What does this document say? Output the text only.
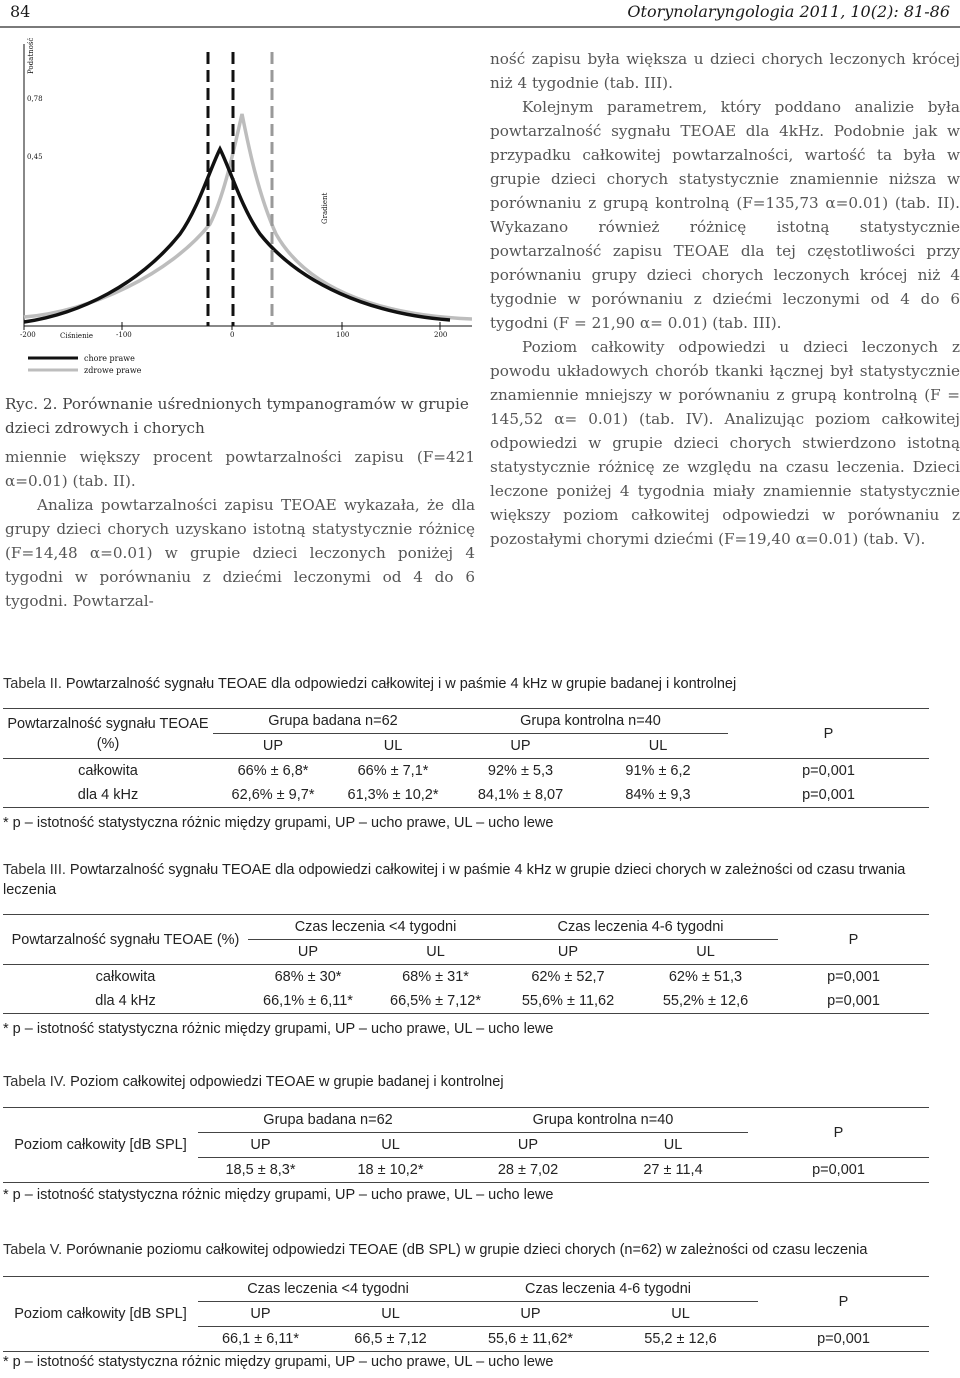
84	Otorynolaryngologia 2011, 10(2): 81-86
Podatność
0,78
0,45
Gradient
-200	-100	0	100	200
Ciśnienie
chore prawe
zdrowe prawe
Ryc. 2. Porównanie uśrednionych tympanogramów w grupie dzieci zdrowych i chorych

miennie większy procent powtarzalności zapisu (F=421 α=0.01) (tab. II).

Analiza powtarzalności zapisu TEOAE wykazała, że dla grupy dzieci chorych uzyskano istotną statystycznie różnicę (F=14,48 α=0.01) w grupie dzieci leczonych poniżej 4 tygodni w porównaniu z dziećmi leczonymi od 4 do 6 tygodni. Powtarzal-

ność zapisu była większa u dzieci chorych leczonych krócej niż 4 tygodnie (tab. III).

Kolejnym parametrem, który poddano analizie była powtarzalność sygnału TEOAE dla 4kHz. Podobnie jak w przypadku całkowitej powtarzalności, wartość ta była w grupie dzieci chorych statystycznie znamiennie niższa w porównaniu z grupą kontrolną (F=135,73 α=0.01) (tab. II). Wykazano również różnicę istotną statystycznie powtarzalność zapisu TEOAE dla tej częstotliwości przy porównaniu grupy dzieci chorych leczonych krócej niż 4 tygodnie w porównaniu z dziećmi leczonymi od 4 do 6 tygodni (F = 21,90 α= 0.01) (tab. III).

Poziom całkowity odpowiedzi u dzieci leczonych z powodu układowych chorób tkanki łącznej był statystycznie znamiennie mniejszy w porównaniu z grupą kontrolną (F = 145,52 α= 0.01) (tab. IV). Analizując poziom całkowitej odpowiedzi w grupie dzieci chorych stwierdzono istotną statystycznie różnicę ze względu na czasu leczenia. Dzieci leczone poniżej 4 tygodnia miały znamiennie statystycznie większy poziom całkowitej odpowiedzi w porównaniu z pozostałymi chorymi dziećmi (F=19,40 α=0.01) (tab. V).

Tabela II. Powtarzalność sygnału TEOAE dla odpowiedzi całkowitej i w paśmie 4 kHz w grupie badanej i kontrolnej
Powtarzalność sygnału TEOAE (%)	Grupa badana n=62		Grupa kontrolna n=40		P
	UP	UL	UP	UL	
całkowita	66% ± 6,8*	66% ± 7,1*	92% ± 5,3	91% ± 6,2	p=0,001
dla 4 kHz	62,6% ± 9,7*	61,3% ± 10,2*	84,1% ± 8,07	84% ± 9,3	p=0,001
* p – istotność statystyczna różnic między grupami, UP – ucho prawe, UL – ucho lewe
Tabela III. Powtarzalność sygnału TEOAE dla odpowiedzi całkowitej i w paśmie 4 kHz w grupie dzieci chorych w zależności od czasu trwania leczenia
Powtarzalność sygnału TEOAE (%)	Czas leczenia <4 tygodni		Czas leczenia 4-6 tygodni		P
	UP	UL	UP	UL	
całkowita	68% ± 30*	68% ± 31*	62% ± 52,7	62% ± 51,3	p=0,001
dla 4 kHz	66,1% ± 6,11*	66,5% ± 7,12*	55,6% ± 11,62	55,2% ± 12,6	p=0,001
* p – istotność statystyczna różnic między grupami, UP – ucho prawe, UL – ucho lewe
Tabela IV. Poziom całkowitej odpowiedzi TEOAE w grupie badanej i kontrolnej
Poziom całkowity [dB SPL]	Grupa badana n=62		Grupa kontrolna n=40		P
	UP	UL	UP	UL	
	18,5 ± 8,3*	18 ± 10,2*	28 ± 7,02	27 ± 11,4	p=0,001
* p – istotność statystyczna różnic między grupami, UP – ucho prawe, UL – ucho lewe
Tabela V. Porównanie poziomu całkowitej odpowiedzi TEOAE (dB SPL) w grupie dzieci chorych (n=62) w zależności od czasu leczenia
Poziom całkowity [dB SPL]	Czas leczenia <4 tygodni		Czas leczenia 4-6 tygodni		P
	UP	UL	UP	UL	
	66,1 ± 6,11*	66,5 ± 7,12	55,6 ± 11,62*	55,2 ± 12,6	p=0,001
* p – istotność statystyczna różnic między grupami, UP – ucho prawe, UL – ucho lewe
